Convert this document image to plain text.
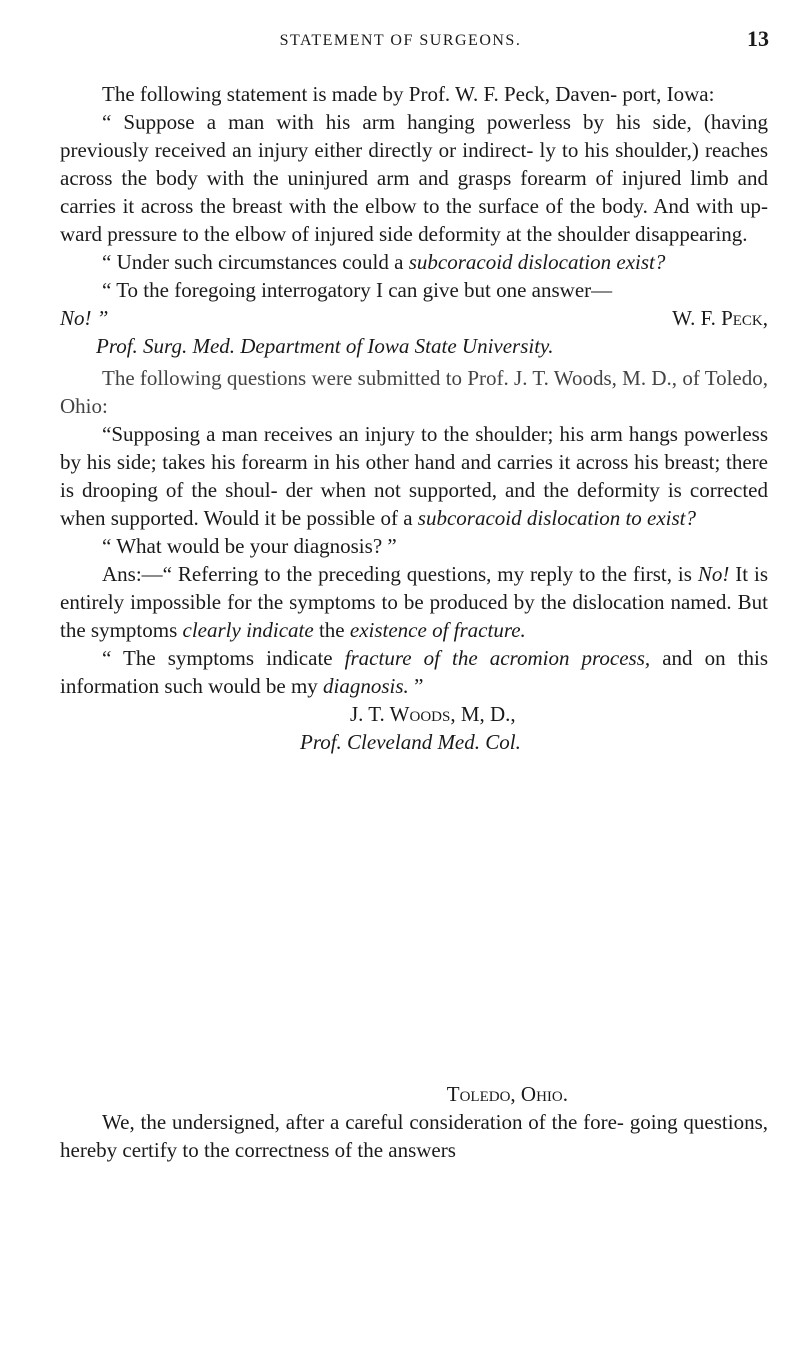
STATEMENT OF SURGEONS.	13

The following statement is made by Prof. W. F. Peck, Daven- port, Iowa:

“ Suppose a man with his arm hanging powerless by his side, (having previously received an injury either directly or indirect- ly to his shoulder,) reaches across the body with the uninjured arm and grasps forearm of injured limb and carries it across the breast with the elbow to the surface of the body. And with up- ward pressure to the elbow of injured side deformity at the shoulder disappearing.

“ Under such circumstances could a subcoracoid dislocation exist?

“ To the foregoing interrogatory I can give but one answer—

No! ”	W. F. Peck,

Prof. Surg. Med. Department of Iowa State University.

The following questions were submitted to Prof. J. T. Woods, M. D., of Toledo, Ohio:

“Supposing a man receives an injury to the shoulder; his arm hangs powerless by his side; takes his forearm in his other hand and carries it across his breast; there is drooping of the shoul- der when not supported, and the deformity is corrected when supported. Would it be possible of a subcoracoid dislocation to exist?

“ What would be your diagnosis? ”

Ans:—“ Referring to the preceding questions, my reply to the first, is No! It is entirely impossible for the symptoms to be produced by the dislocation named. But the symptoms clearly indicate the existence of fracture.

“ The symptoms indicate fracture of the acromion process, and on this information such would be my diagnosis. ”

J. T. Woods, M, D.,

Prof. Cleveland Med. Col.

Toledo, Ohio.

We, the undersigned, after a careful consideration of the fore- going questions, hereby certify to the correctness of the answers
